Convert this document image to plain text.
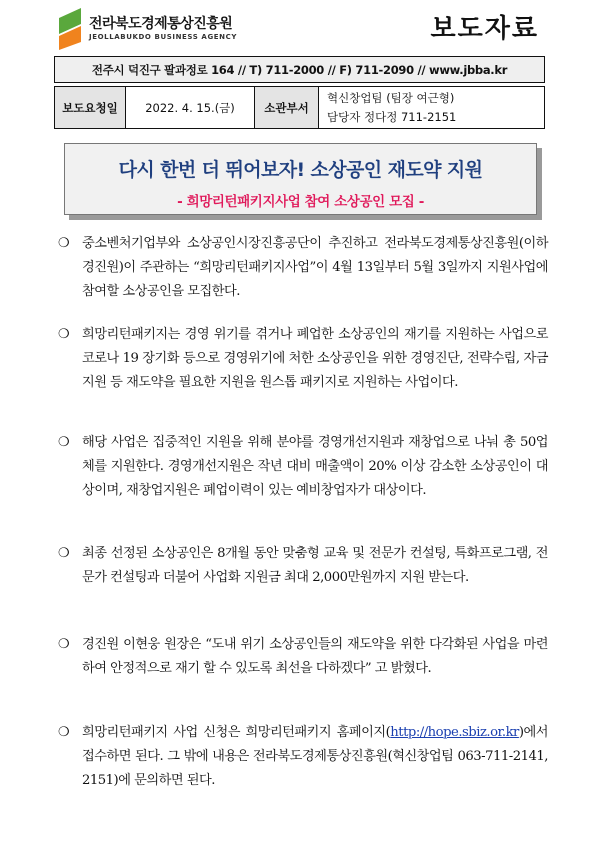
전라북도경제통상진흥원
JEOLLABUKDO BUSINESS AGENCY	보도자료
전주시 덕진구 팔과정로 164 // T) 711-2000 // F) 711-2090 // www.jbba.kr
보도요청일	2022. 4. 15.(금)	소관부서	
혁신창업팀 (팀장 여근형)
담당자 정다정 711-2151
다시 한번 더 뛰어보자! 소상공인 재도약 지원
- 희망리턴패키지사업 참여 소상공인 모집 -
❍ 중소벤처기업부와 소상공인시장진흥공단이 추진하고 전라북도경제통상진흥원(이하 경진원)이 주관하는 “희망리턴패키지사업”이 4월 13일부터 5월 3일까지 지원사업에 참여할 소상공인을 모집한다.
❍ 희망리턴패키지는 경영 위기를 겪거나 폐업한 소상공인의 재기를 지원하는 사업으로 코로나 19 장기화 등으로 경영위기에 처한 소상공인을 위한 경영진단, 전략수립, 자금지원 등 재도약을 필요한 지원을 원스톱 패키지로 지원하는 사업이다.
❍ 해당 사업은 집중적인 지원을 위해 분야를 경영개선지원과 재창업으로 나눠 총 50업체를 지원한다. 경영개선지원은 작년 대비 매출액이 20% 이상 감소한 소상공인이 대상이며, 재창업지원은 폐업이력이 있는 예비창업자가 대상이다.
❍ 최종 선정된 소상공인은 8개월 동안 맞춤형 교육 및 전문가 컨설팅, 특화프로그램, 전문가 컨설팅과 더불어 사업화 지원금 최대 2,000만원까지 지원 받는다.
❍ 경진원 이현웅 원장은 “도내 위기 소상공인들의 재도약을 위한 다각화된 사업을 마련하여 안정적으로 재기 할 수 있도록 최선을 다하겠다” 고 밝혔다.
❍ 희망리턴패키지 사업 신청은 희망리턴패키지 홈페이지(http://hope.sbiz.or.kr)에서 접수하면 된다. 그 밖에 내용은 전라북도경제통상진흥원(혁신창업팀 063-711-2141, 2151)에 문의하면 된다.
